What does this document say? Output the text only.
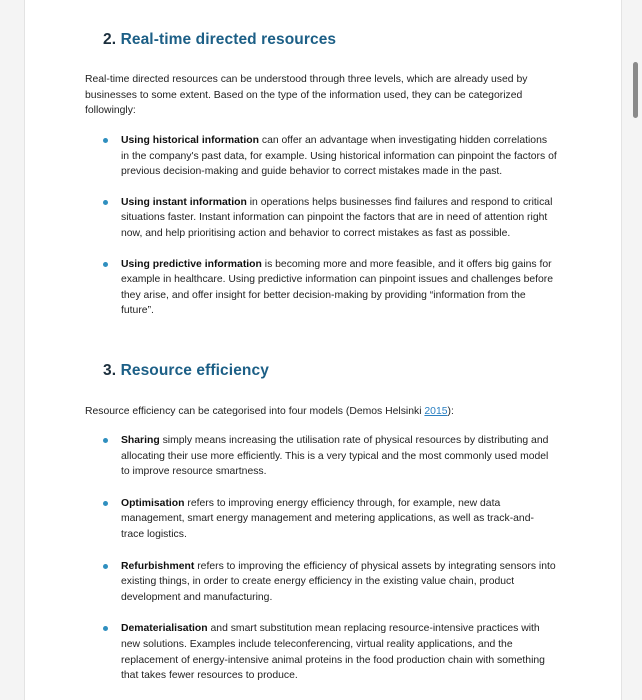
2. Real-time directed resources

Real-time directed resources can be understood through three levels, which are already used by businesses to some extent. Based on the type of the information used, they can be categorized followingly:

Using historical information can offer an advantage when investigating hidden correlations in the company's past data, for example. Using historical information can pinpoint the factors of previous decision-making and guide behavior to correct mistakes made in the past.
Using instant information in operations helps businesses find failures and respond to critical situations faster. Instant information can pinpoint the factors that are in need of attention right now, and help prioritising action and behavior to correct mistakes as fast as possible.
Using predictive information is becoming more and more feasible, and it offers big gains for example in healthcare. Using predictive information can pinpoint issues and challenges before they arise, and offer insight for better decision-making by providing “information from the future”.
3. Resource efficiency

Resource efficiency can be categorised into four models (Demos Helsinki 2015):

Sharing simply means increasing the utilisation rate of physical resources by distributing and allocating their use more efficiently. This is a very typical and the most commonly used model to improve resource smartness.
Optimisation refers to improving energy efficiency through, for example, new data management, smart energy management and metering applications, as well as track-and-trace logistics.
Refurbishment refers to improving the efficiency of physical assets by integrating sensors into existing things, in order to create energy efficiency in the existing value chain, product development and manufacturing.
Dematerialisation and smart substitution mean replacing resource-intensive practices with new solutions. Examples include teleconferencing, virtual reality applications, and the replacement of energy-intensive animal proteins in the food production chain with something that takes fewer resources to produce.
